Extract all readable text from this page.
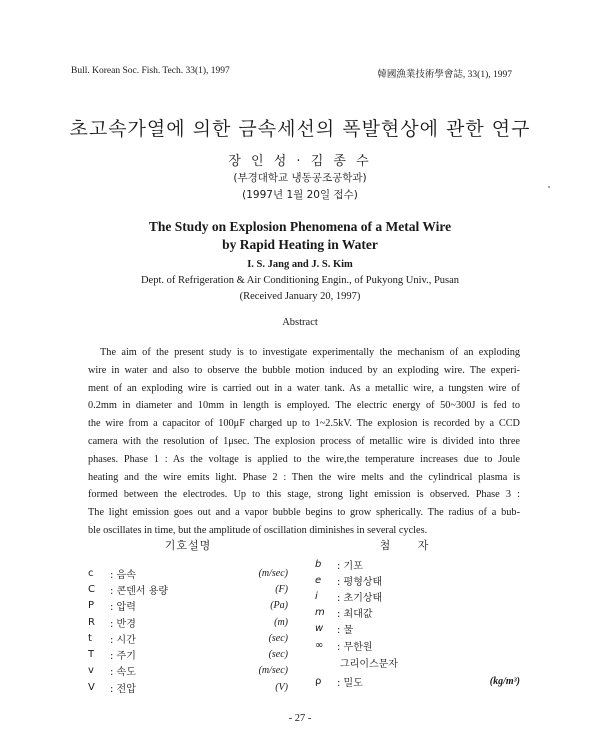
Bull. Korean Soc. Fish. Tech. 33(1), 1997	韓國漁業技術學會誌, 33(1), 1997
초고속가열에 의한 금속세선의 폭발현상에 관한 연구
장 인 성 · 김 종 수
(부경대학교 냉동공조공학과)
(1997년 1월 20일 접수)
The Study on Explosion Phenomena of a Metal Wire
by Rapid Heating in Water
I. S. Jang and J. S. Kim
Dept. of Refrigeration & Air Conditioning Engin., of Pukyong Univ., Pusan
(Received January 20, 1997)
Abstract
The aim of the present study is to investigate experimentally the mechanism of an exploding
wire in water and also to observe the bubble motion induced by an exploding wire. The experi-
ment of an exploding wire is carried out in a water tank. As a metallic wire, a tungsten wire of
0.2mm in diameter and 10mm in length is employed. The electric energy of 50~300J is fed to
the wire from a capacitor of 100μF charged up to 1~2.5kV. The explosion is recorded by a CCD
camera with the resolution of 1μsec. The explosion process of metallic wire is divided into three
phases. Phase 1 : As the voltage is applied to the wire,the temperature increases due to Joule
heating and the wire emits light. Phase 2 : Then the wire melts and the cylindrical plasma is
formed between the electrodes. Up to this stage, strong light emission is observed. Phase 3 :
The light emission goes out and a vapor bubble begins to grow spherically. The radius of a bub-
ble oscillates in time, but the amplitude of oscillation diminishes in several cycles.
기호설명	첨 자
c	: 음속	(m/sec)
C	: 콘덴서 용량	(F)
P	: 압력	(Pa)
R	: 반경	(m)
t	: 시간	(sec)
T	: 주기	(sec)
v	: 속도	(m/sec)
V	: 전압	(V)
b	: 기포
e	: 평형상태
i	: 초기상태
m	: 최대값
w	: 물
∞	: 무한원
그리이스문자
ρ	: 밀도	(kg/m³)
- 27 -
